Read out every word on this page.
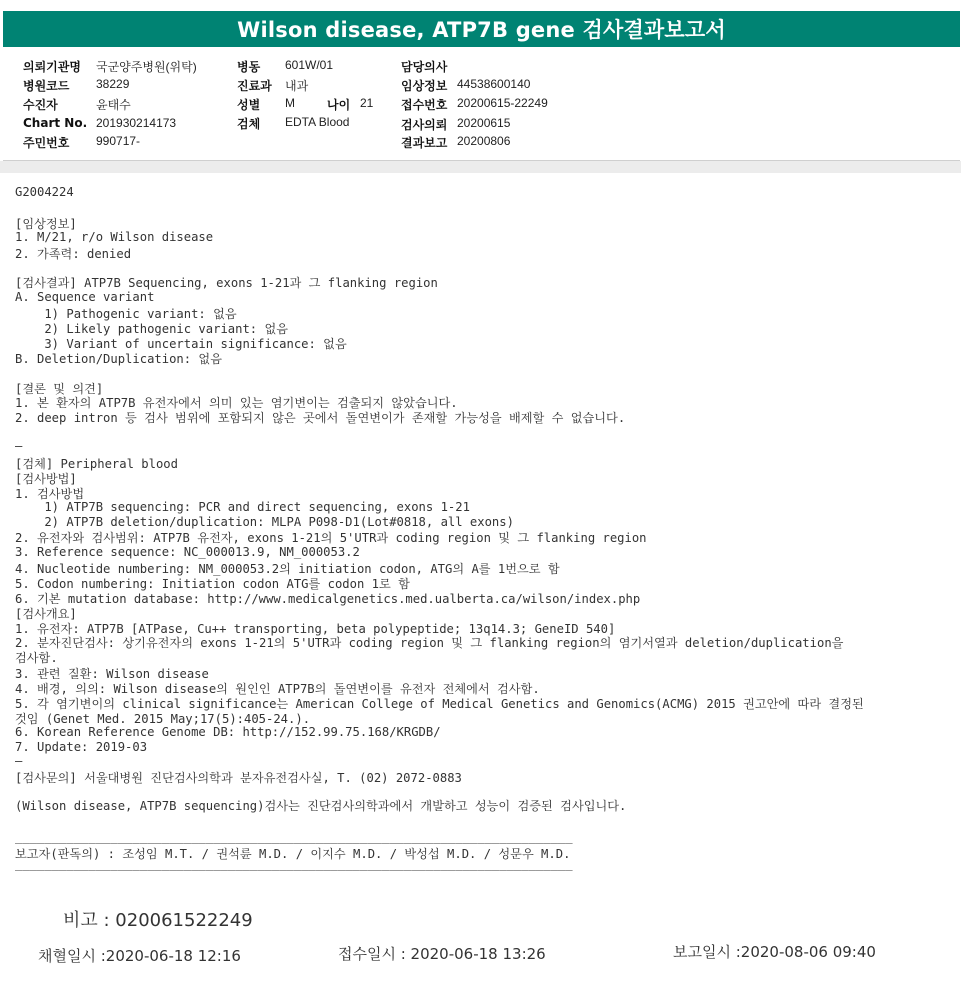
Wilson disease, ATP7B gene 검사결과보고서
의뢰기관명 국군양주병원(위탁)
병원코드 38229
수진자	윤태수
Chart No. 201930214173
주민번호 990717-
병동 601W/01
진료과 내과
성별 M	나이 21
검체 EDTA Blood
담당의사
임상정보 44538600140
접수번호 20200615-22249
검사의뢰 20200615
결과보고 20200806
G2004224
[임상정보]
1. M/21, r/o Wilson disease
2. 가족력: denied
[검사결과] ATP7B Sequencing, exons 1-21과 그 flanking region
A. Sequence variant
1) Pathogenic variant: 없음
2) Likely pathogenic variant: 없음
3) Variant of uncertain significance: 없음
B. Deletion/Duplication: 없음
[결론 및 의견]
1. 본 환자의 ATP7B 유전자에서 의미 있는 염기변이는 검출되지 않았습니다.
2. deep intron 등 검사 범위에 포함되지 않은 곳에서 돌연변이가 존재할 가능성을 배제할 수 없습니다.
—
[검체] Peripheral blood
[검사방법]
1. 검사방법
1) ATP7B sequencing: PCR and direct sequencing, exons 1-21
2) ATP7B deletion/duplication: MLPA P098-D1(Lot#0818, all exons)
2. 유전자와 검사범위: ATP7B 유전자, exons 1-21의 5'UTR과 coding region 및 그 flanking region
3. Reference sequence: NC_000013.9, NM_000053.2
4. Nucleotide numbering: NM_000053.2의 initiation codon, ATG의 A를 1번으로 함
5. Codon numbering: Initiation codon ATG를 codon 1로 함
6. 기본 mutation database: http://www.medicalgenetics.med.ualberta.ca/wilson/index.php
[검사개요]
1. 유전자: ATP7B [ATPase, Cu++ transporting, beta polypeptide; 13q14.3; GeneID 540]
2. 분자진단검사: 상기유전자의 exons 1-21의 5'UTR과 coding region 및 그 flanking region의 염기서열과 deletion/duplication을
검사함.
3. 관련 질환: Wilson disease
4. 배경, 의의: Wilson disease의 원인인 ATP7B의 돌연변이를 유전자 전체에서 검사함.
5. 각 염기변이의 clinical significance는 American College of Medical Genetics and Genomics(ACMG) 2015 권고안에 따라 결정된
것임 (Genet Med. 2015 May;17(5):405-24.).
6. Korean Reference Genome DB: http://152.99.75.168/KRGDB/
7. Update: 2019-03
—
[검사문의] 서울대병원 진단검사의학과 분자유전검사실, T. (02) 2072-0883
(Wilson disease, ATP7B sequencing)검사는 진단검사의학과에서 개발하고 성능이 검증된 검사입니다.
____________________________________________________________________________
보고자(판독의) : 조성임 M.T. / 권석륜 M.D. / 이지수 M.D. / 박성섭 M.D. / 성문우 M.D.
____________________________________________________________________________
비고 : 020061522249
채혈일시 :2020-06-18 12:16	접수일시 : 2020-06-18 13:26	보고일시 :2020-08-06 09:40
